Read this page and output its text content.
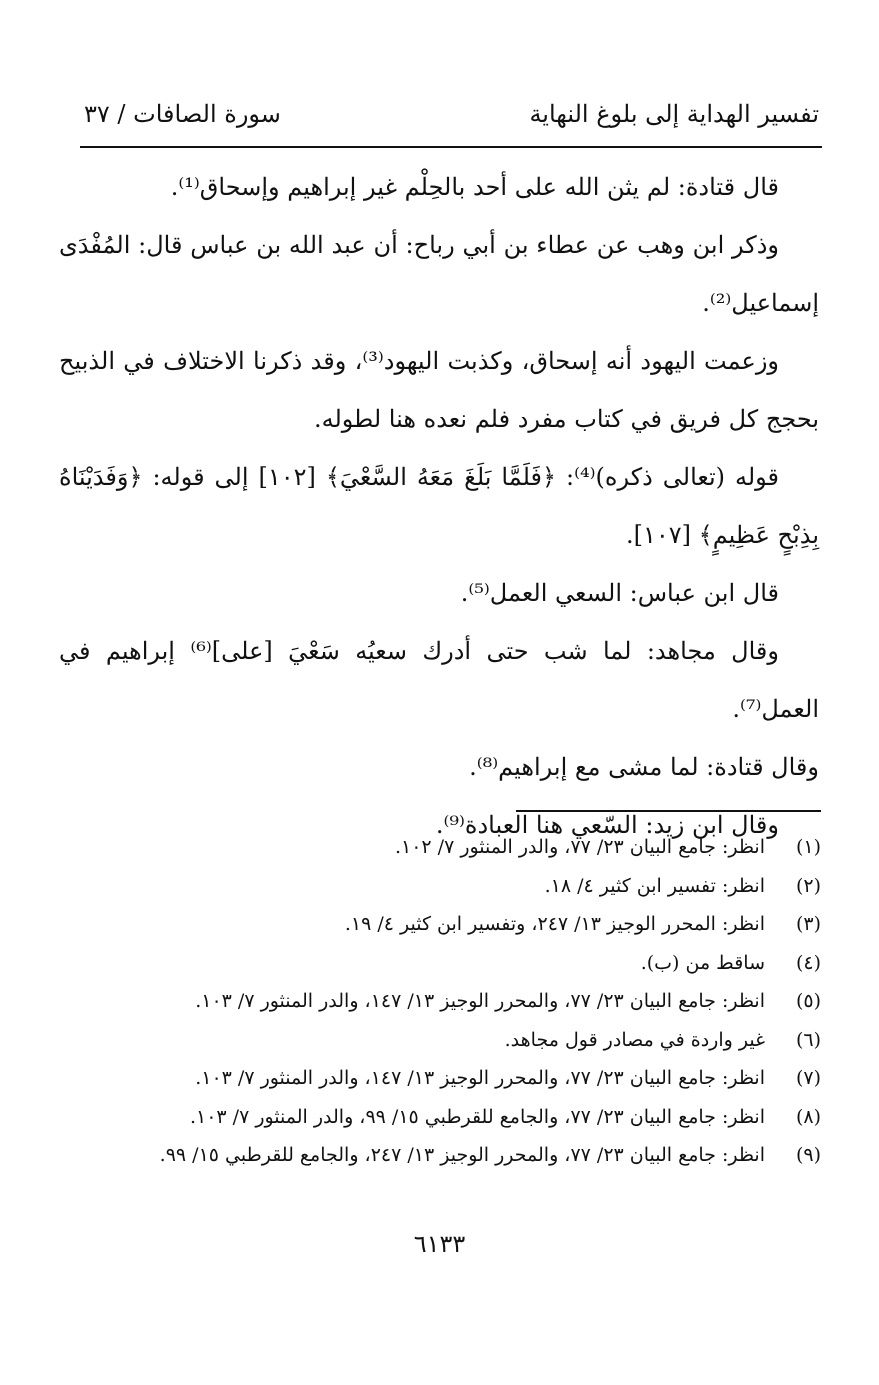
تفسير الهداية إلى بلوغ النهاية
سورة الصافات / ٣٧

قال قتادة: لم يثن الله على أحد بالحِلْم غير إبراهيم وإسحاق⁽¹⁾.

وذكر ابن وهب عن عطاء بن أبي رباح: أن عبد الله بن عباس قال: المُفْدَى إسماعيل⁽²⁾.

وزعمت اليهود أنه إسحاق، وكذبت اليهود⁽³⁾، وقد ذكرنا الاختلاف في الذبيح بحجج كل فريق في كتاب مفرد فلم نعده هنا لطوله.

قوله (تعالى ذكره)⁽⁴⁾: ﴿فَلَمَّا بَلَغَ مَعَهُ السَّعْيَ﴾ [١٠٢] إلى قوله: ﴿وَفَدَيْنَاهُ بِذِبْحٍ عَظِيمٍ﴾ [١٠٧].

قال ابن عباس: السعي العمل⁽⁵⁾.

وقال مجاهد: لما شب حتى أدرك سعيُه سَعْيَ [على]⁽⁶⁾ إبراهيم في العمل⁽⁷⁾.

وقال قتادة: لما مشى مع إبراهيم⁽⁸⁾.

وقال ابن زيد: السّعي هنا العبادة⁽⁹⁾.

(١)
انظر: جامع البيان ٢٣/ ٧٧، والدر المنثور ٧/ ١٠٢.
(٢)
انظر: تفسير ابن كثير ٤/ ١٨.
(٣)
انظر: المحرر الوجيز ١٣/ ٢٤٧، وتفسير ابن كثير ٤/ ١٩.
(٤)
ساقط من (ب).
(٥)
انظر: جامع البيان ٢٣/ ٧٧، والمحرر الوجيز ١٣/ ١٤٧، والدر المنثور ٧/ ١٠٣.
(٦)
غير واردة في مصادر قول مجاهد.
(٧)
انظر: جامع البيان ٢٣/ ٧٧، والمحرر الوجيز ١٣/ ١٤٧، والدر المنثور ٧/ ١٠٣.
(٨)
انظر: جامع البيان ٢٣/ ٧٧، والجامع للقرطبي ١٥/ ٩٩، والدر المنثور ٧/ ١٠٣.
(٩)
انظر: جامع البيان ٢٣/ ٧٧، والمحرر الوجيز ١٣/ ٢٤٧، والجامع للقرطبي ١٥/ ٩٩.
٦١٣٣
